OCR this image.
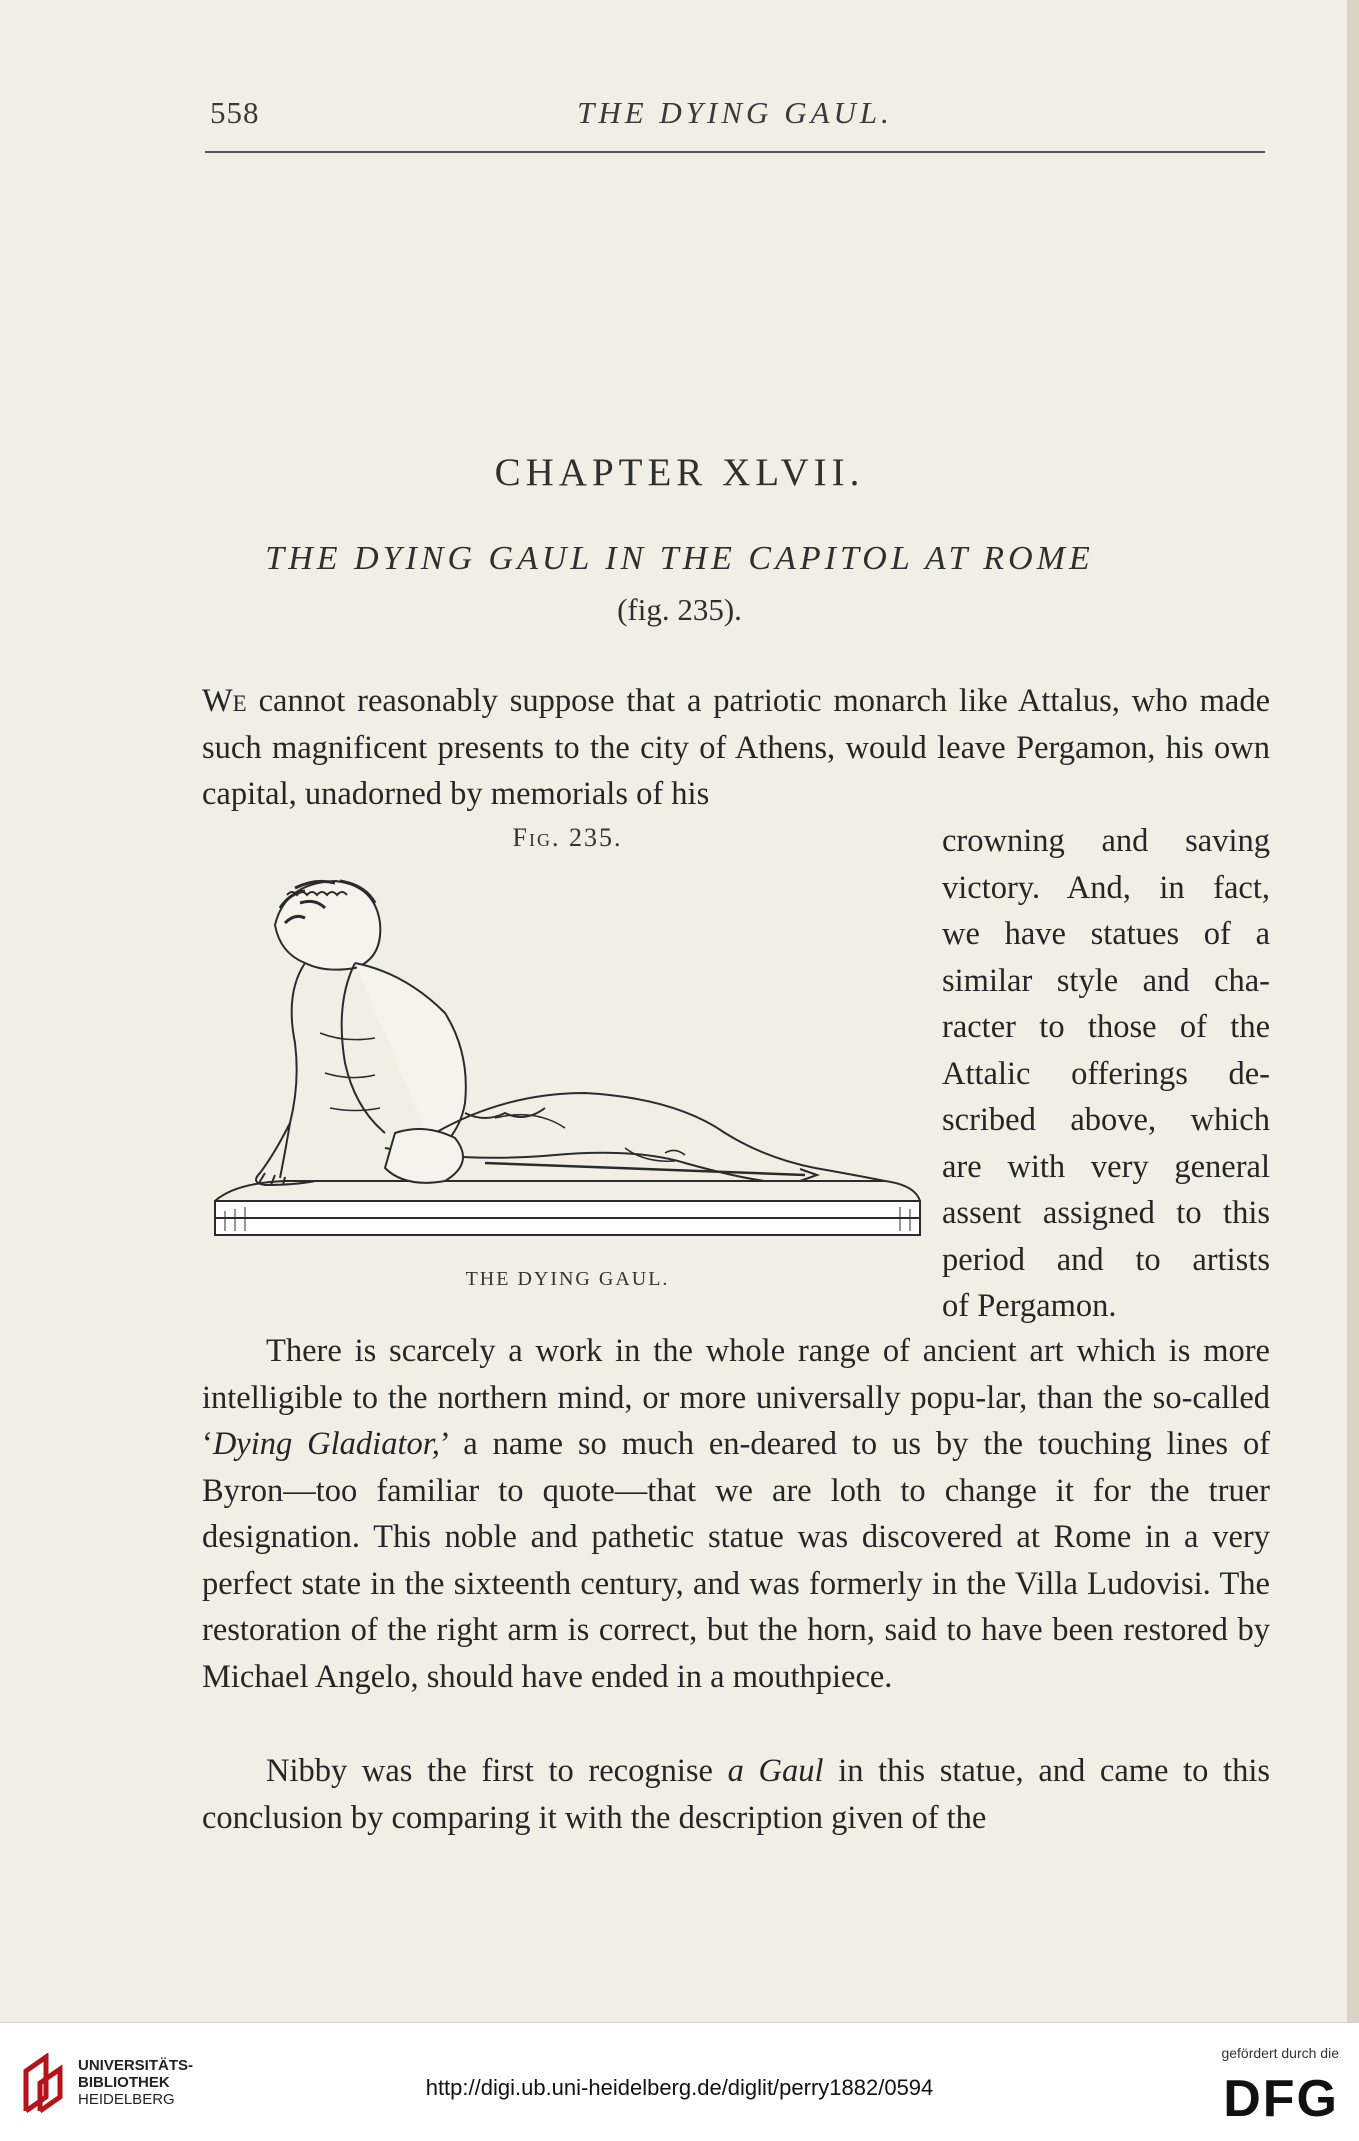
558	THE DYING GAUL.
CHAPTER XLVII.
THE DYING GAUL IN THE CAPITOL AT ROME
(fig. 235).
We cannot reasonably suppose that a patriotic monarch like Attalus, who made such magnificent presents to the city of Athens, would leave Pergamon, his own capital, unadorned by memorials of his
Fig. 235.
THE DYING GAUL.
crowning and saving
victory. And, in fact,
we have statues of a
similar style and cha-
racter to those of the
Attalic offerings de-
scribed above, which
are with very general
assent assigned to this
period and to artists
of Pergamon.
There is scarcely a work in the whole range of ancient art which is more intelligible to the northern mind, or more universally popu-lar, than the so-called ‘Dying Gladiator,’ a name so much en-deared to us by the touching lines of Byron—too familiar to quote—that we are loth to change it for the truer designation. This noble and pathetic statue was discovered at Rome in a very perfect state in the sixteenth century, and was formerly in the Villa Ludovisi. The restoration of the right arm is correct, but the horn, said to have been restored by Michael Angelo, should have ended in a mouthpiece.
Nibby was the first to recognise a Gaul in this statue, and came to this conclusion by comparing it with the description given of the
UNIVERSITÄTS-
BIBLIOTHEK
HEIDELBERG	http://digi.ub.uni-heidelberg.de/diglit/perry1882/0594
gefördert durch die
DFG
